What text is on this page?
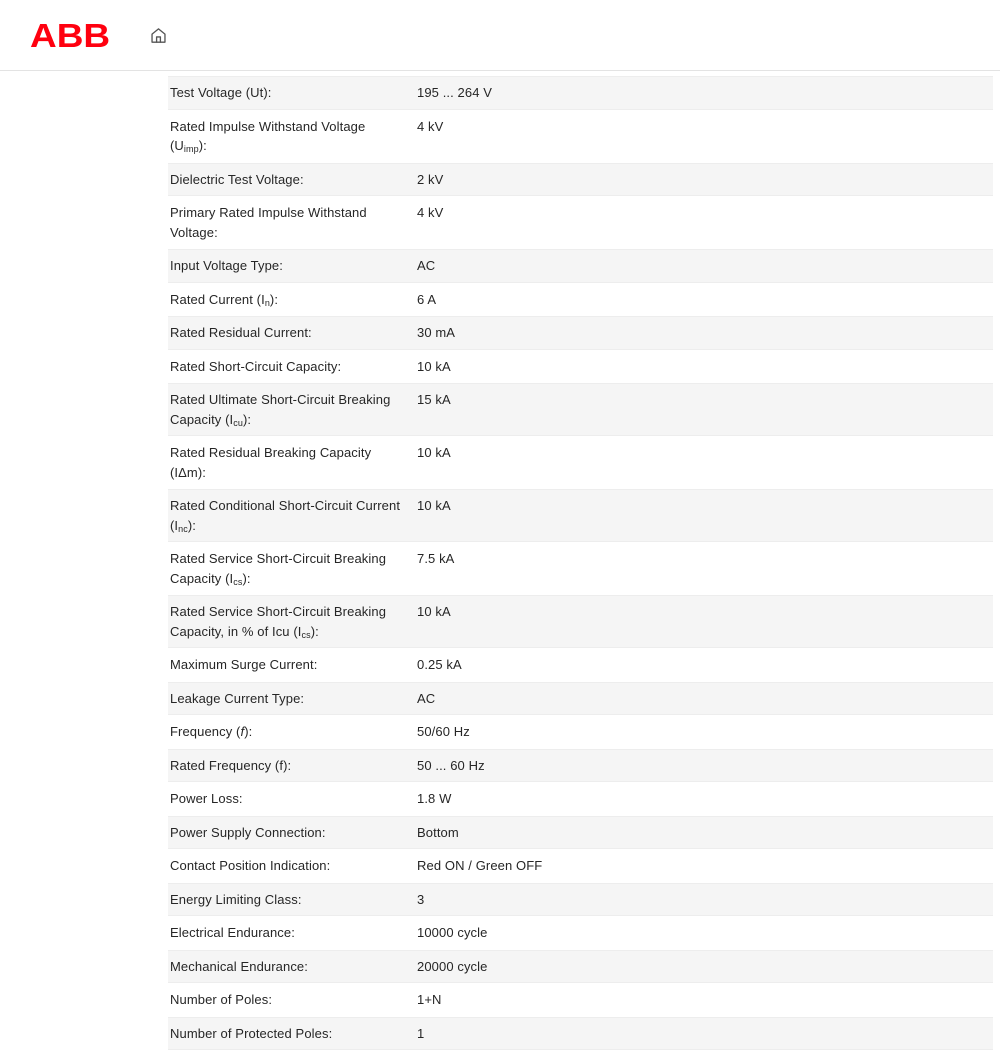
ABB
Test Voltage (Ut):	195 ... 264 V
Rated Impulse Withstand Voltage $(U_{imp})$:
4 kV
Dielectric Test Voltage:	2 kV
Primary Rated Impulse Withstand Voltage:
4 kV
Input Voltage Type:	AC
Rated Current $(I_n)$:	6 A
Rated Residual Current:	30 mA
Rated Short-Circuit Capacity:	10 kA
Rated Ultimate Short-Circuit Breaking Capacity $(I_{cu})$:
15 kA
Rated Residual Breaking Capacity (IΔm):
10 kA
Rated Conditional Short-Circuit Current $(I_{nc})$:
10 kA
Rated Service Short-Circuit Breaking Capacity $(I_{cs})$:
7.5 kA
Rated Service Short-Circuit Breaking Capacity, in % of Icu $(I_{cs})$:
10 kA
Maximum Surge Current:	0.25 kA
Leakage Current Type:	AC
Frequency (f):	50/60 Hz
Rated Frequency (f):	50 ... 60 Hz
Power Loss:	1.8 W
Power Supply Connection:	Bottom
Contact Position Indication:	Red ON / Green OFF
Energy Limiting Class:	3
Electrical Endurance:	10000 cycle
Mechanical Endurance:	20000 cycle
Number of Poles:	1+N
Number of Protected Poles:	1
